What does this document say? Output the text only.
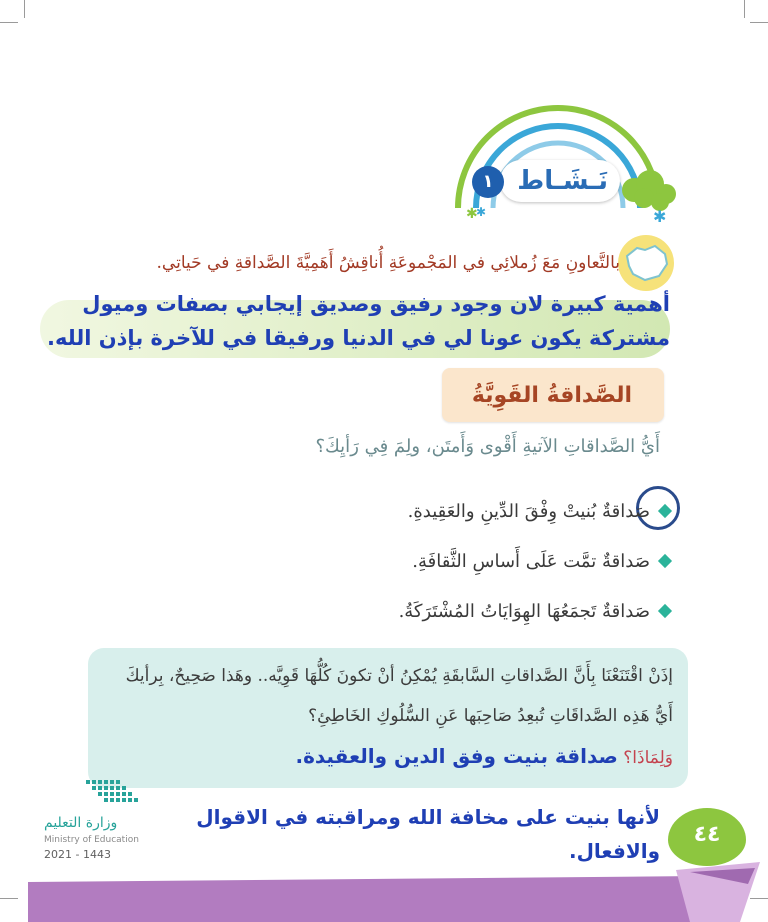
✱
✱
✱
نَـشَـاط
١
بالتَّعاونِ مَعَ زُملائِي في المَجْموعَةِ أُناقِشُ أَهَمِيَّةَ الصَّداقةِ في حَياتِي.
أهمية كبيرة لان وجود رفيق وصديق إيجابي بصفات وميول مشتركة يكون عونا لي في الدنيا ورفيقا في للآخرة بإذن الله.
الصَّداقةُ القَوِيَّةُ
أَيُّ الصَّداقاتِ الآتيةِ أَقْوى وَأَمتَن، ولِمَ فِي رَأيِكَ؟
صَداقةٌ بُنيتْ وِفْقَ الدِّينِ والعَقِيدةِ.
صَداقةٌ تمَّت عَلَى أَساسِ الثَّقافَةِ.
صَداقةٌ تَجمَعُهَا الهِوَايَاتُ المُشْتَرَكَةُ.
إذَنْ اقْتَنَعْنَا بِأَنَّ الصَّداقاتِ السَّابقَةِ يُمْكِنُ أنْ تكونَ كُلُّهَا قَوِيَّه.. وهَذا صَحِيحٌ، بِرأيكَ أَيُّ هَذِه الصَّداقَاتِ تُبعِدُ صَاحِبَها عَنِ السُّلُوكِ الخَاطِئِ؟
وَلِمَاذَا؟ صداقة بنيت وفق الدين والعقيدة.
لأنها بنيت على مخافة الله ومراقبته في الاقوال والافعال.
وزارة التعليم
Ministry of Education
2021 - 1443
٤٤
